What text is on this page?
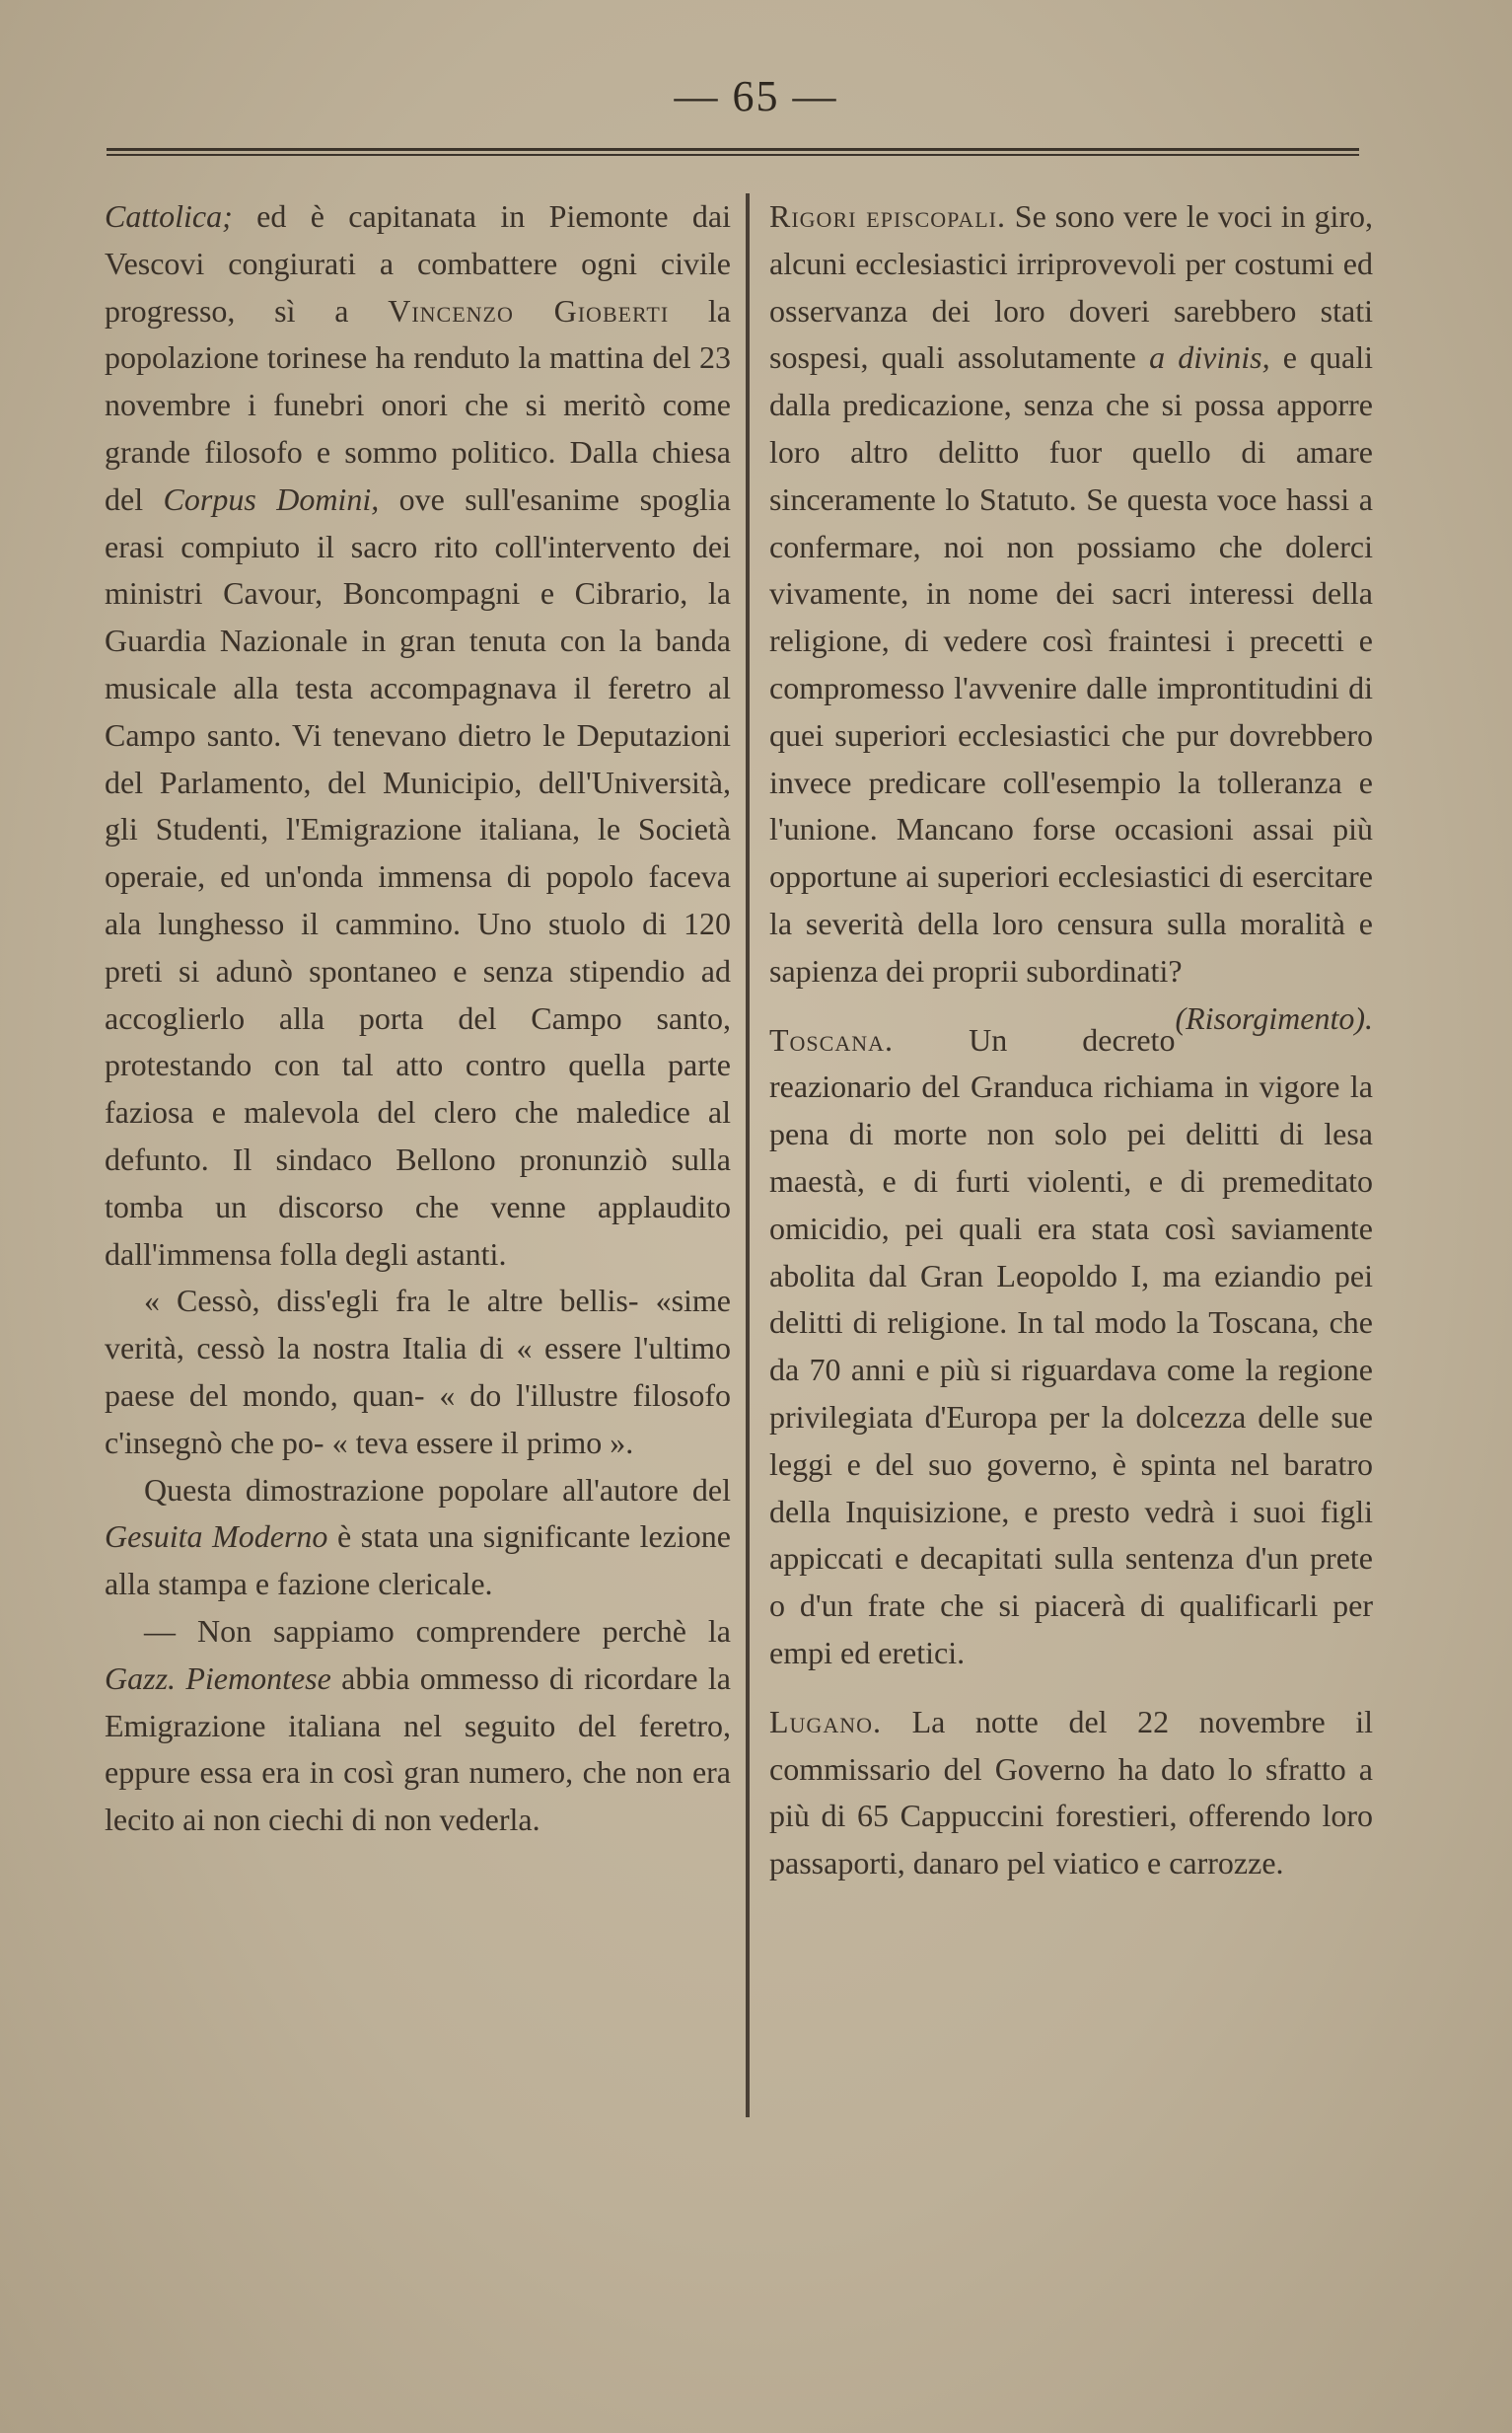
— 65 —

Cattolica; ed è capitanata in Piemonte dai Vescovi congiurati a combattere ogni civile progresso, sì a Vincenzo Gioberti la popolazione torinese ha renduto la mattina del 23 novembre i funebri onori che si meritò come grande filosofo e sommo politico. Dalla chiesa del Corpus Domini, ove sull'esanime spoglia erasi compiuto il sacro rito coll'intervento dei ministri Cavour, Boncompagni e Cibrario, la Guardia Nazionale in gran tenuta con la banda musicale alla testa accompagnava il feretro al Campo santo. Vi tenevano dietro le Deputazioni del Parlamento, del Municipio, dell'Università, gli Studenti, l'Emigrazione italiana, le Società operaie, ed un'onda immensa di popolo faceva ala lunghesso il cammino. Uno stuolo di 120 preti si adunò spontaneo e senza stipendio ad accoglierlo alla porta del Campo santo, protestando con tal atto contro quella parte faziosa e malevola del clero che maledice al defunto. Il sindaco Bellono pronunziò sulla tomba un discorso che venne applaudito dall'immensa folla degli astanti.

« Cessò, diss'egli fra le altre bellis- «sime verità, cessò la nostra Italia di « essere l'ultimo paese del mondo, quan- « do l'illustre filosofo c'insegnò che po- « teva essere il primo ».

Questa dimostrazione popolare all'autore del Gesuita Moderno è stata una significante lezione alla stampa e fazione clericale.

— Non sappiamo comprendere perchè la Gazz. Piemontese abbia ommesso di ricordare la Emigrazione italiana nel seguito del feretro, eppure essa era in così gran numero, che non era lecito ai non ciechi di non vederla.

Rigori episcopali. Se sono vere le voci in giro, alcuni ecclesiastici irriprovevoli per costumi ed osservanza dei loro doveri sarebbero stati sospesi, quali assolutamente a divinis, e quali dalla predicazione, senza che si possa apporre loro altro delitto fuor quello di amare sinceramente lo Statuto. Se questa voce hassi a confermare, noi non possiamo che dolerci vivamente, in nome dei sacri interessi della religione, di vedere così fraintesi i precetti e compromesso l'avvenire dalle improntitudini di quei superiori ecclesiastici che pur dovrebbero invece predicare coll'esempio la tolleranza e l'unione. Mancano forse occasioni assai più opportune ai superiori ecclesiastici di esercitare la severità della loro censura sulla moralità e sapienza dei proprii subordinati?
(Risorgimento).

Toscana. Un decreto reazionario del Granduca richiama in vigore la pena di morte non solo pei delitti di lesa maestà, e di furti violenti, e di premeditato omicidio, pei quali era stata così saviamente abolita dal Gran Leopoldo I, ma eziandio pei delitti di religione. In tal modo la Toscana, che da 70 anni e più si riguardava come la regione privilegiata d'Europa per la dolcezza delle sue leggi e del suo governo, è spinta nel baratro della Inquisizione, e presto vedrà i suoi figli appiccati e decapitati sulla sentenza d'un prete o d'un frate che si piacerà di qualificarli per empi ed eretici.

Lugano. La notte del 22 novembre il commissario del Governo ha dato lo sfratto a più di 65 Cappuccini forestieri, offerendo loro passaporti, danaro pel viatico e carrozze.
